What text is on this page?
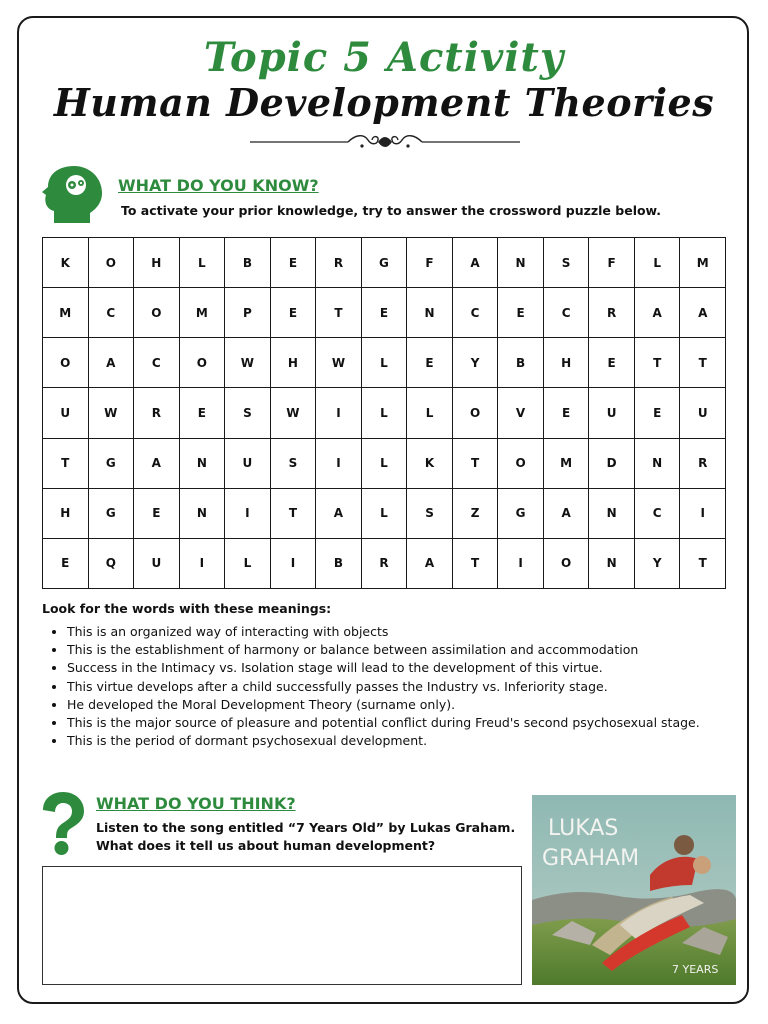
Topic 5 Activity
Human Development Theories
WHAT DO YOU KNOW?
To activate your prior knowledge, try to answer the crossword puzzle below.
K	O	H	L	B	E	R	G	F	A	N	S	F	L	M
M	C	O	M	P	E	T	E	N	C	E	C	R	A	A
O	A	C	O	W	H	W	L	E	Y	B	H	E	T	T
U	W	R	E	S	W	I	L	L	O	V	E	U	E	U
T	G	A	N	U	S	I	L	K	T	O	M	D	N	R
H	G	E	N	I	T	A	L	S	Z	G	A	N	C	I
E	Q	U	I	L	I	B	R	A	T	I	O	N	Y	T
Look for the words with these meanings:
• This is an organized way of interacting with objects
• This is the establishment of harmony or balance between assimilation and accommodation
• Success in the Intimacy vs. Isolation stage will lead to the development of this virtue.
• This virtue develops after a child successfully passes the Industry vs. Inferiority stage.
• He developed the Moral Development Theory (surname only).
• This is the major source of pleasure and potential conflict during Freud's second psychosexual stage.
• This is the period of dormant psychosexual development.
WHAT DO YOU THINK?
Listen to the song entitled “7 Years Old” by Lukas Graham.
What does it tell us about human development?
LUKAS
GRAHAM
7 YEARS
